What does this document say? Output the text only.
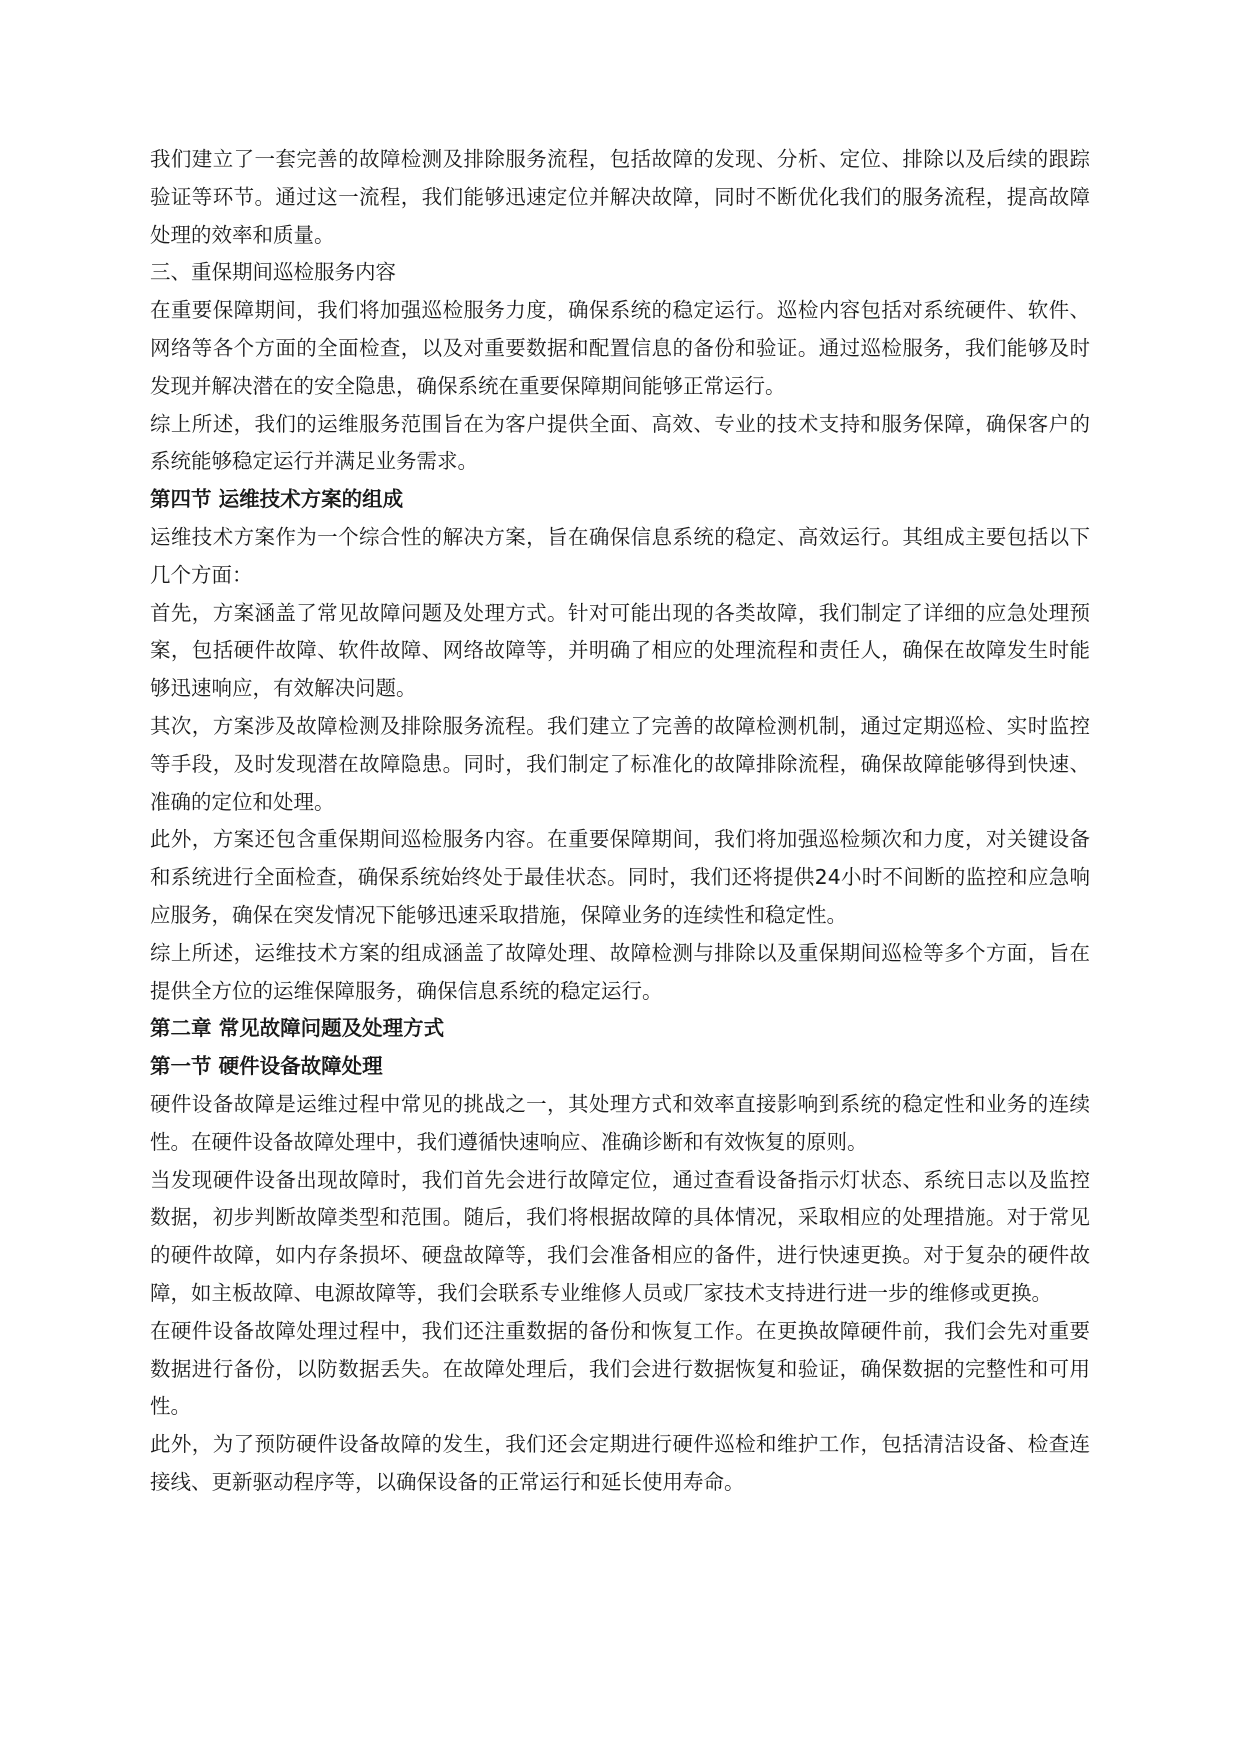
我们建立了一套完善的故障检测及排除服务流程，包括故障的发现、分析、定位、排除以及后续的跟踪验证等环节。通过这一流程，我们能够迅速定位并解决故障，同时不断优化我们的服务流程，提高故障处理的效率和质量。

三、重保期间巡检服务内容

在重要保障期间，我们将加强巡检服务力度，确保系统的稳定运行。巡检内容包括对系统硬件、软件、网络等各个方面的全面检查，以及对重要数据和配置信息的备份和验证。通过巡检服务，我们能够及时发现并解决潜在的安全隐患，确保系统在重要保障期间能够正常运行。

综上所述，我们的运维服务范围旨在为客户提供全面、高效、专业的技术支持和服务保障，确保客户的系统能够稳定运行并满足业务需求。

第四节 运维技术方案的组成

运维技术方案作为一个综合性的解决方案，旨在确保信息系统的稳定、高效运行。其组成主要包括以下几个方面：

首先，方案涵盖了常见故障问题及处理方式。针对可能出现的各类故障，我们制定了详细的应急处理预案，包括硬件故障、软件故障、网络故障等，并明确了相应的处理流程和责任人，确保在故障发生时能够迅速响应，有效解决问题。

其次，方案涉及故障检测及排除服务流程。我们建立了完善的故障检测机制，通过定期巡检、实时监控等手段，及时发现潜在故障隐患。同时，我们制定了标准化的故障排除流程，确保故障能够得到快速、准确的定位和处理。

此外，方案还包含重保期间巡检服务内容。在重要保障期间，我们将加强巡检频次和力度，对关键设备和系统进行全面检查，确保系统始终处于最佳状态。同时，我们还将提供24小时不间断的监控和应急响应服务，确保在突发情况下能够迅速采取措施，保障业务的连续性和稳定性。

综上所述，运维技术方案的组成涵盖了故障处理、故障检测与排除以及重保期间巡检等多个方面，旨在提供全方位的运维保障服务，确保信息系统的稳定运行。

第二章 常见故障问题及处理方式

第一节 硬件设备故障处理

硬件设备故障是运维过程中常见的挑战之一，其处理方式和效率直接影响到系统的稳定性和业务的连续性。在硬件设备故障处理中，我们遵循快速响应、准确诊断和有效恢复的原则。

当发现硬件设备出现故障时，我们首先会进行故障定位，通过查看设备指示灯状态、系统日志以及监控数据，初步判断故障类型和范围。随后，我们将根据故障的具体情况，采取相应的处理措施。对于常见的硬件故障，如内存条损坏、硬盘故障等，我们会准备相应的备件，进行快速更换。对于复杂的硬件故障，如主板故障、电源故障等，我们会联系专业维修人员或厂家技术支持进行进一步的维修或更换。

在硬件设备故障处理过程中，我们还注重数据的备份和恢复工作。在更换故障硬件前，我们会先对重要数据进行备份，以防数据丢失。在故障处理后，我们会进行数据恢复和验证，确保数据的完整性和可用性。

此外，为了预防硬件设备故障的发生，我们还会定期进行硬件巡检和维护工作，包括清洁设备、检查连接线、更新驱动程序等，以确保设备的正常运行和延长使用寿命。
